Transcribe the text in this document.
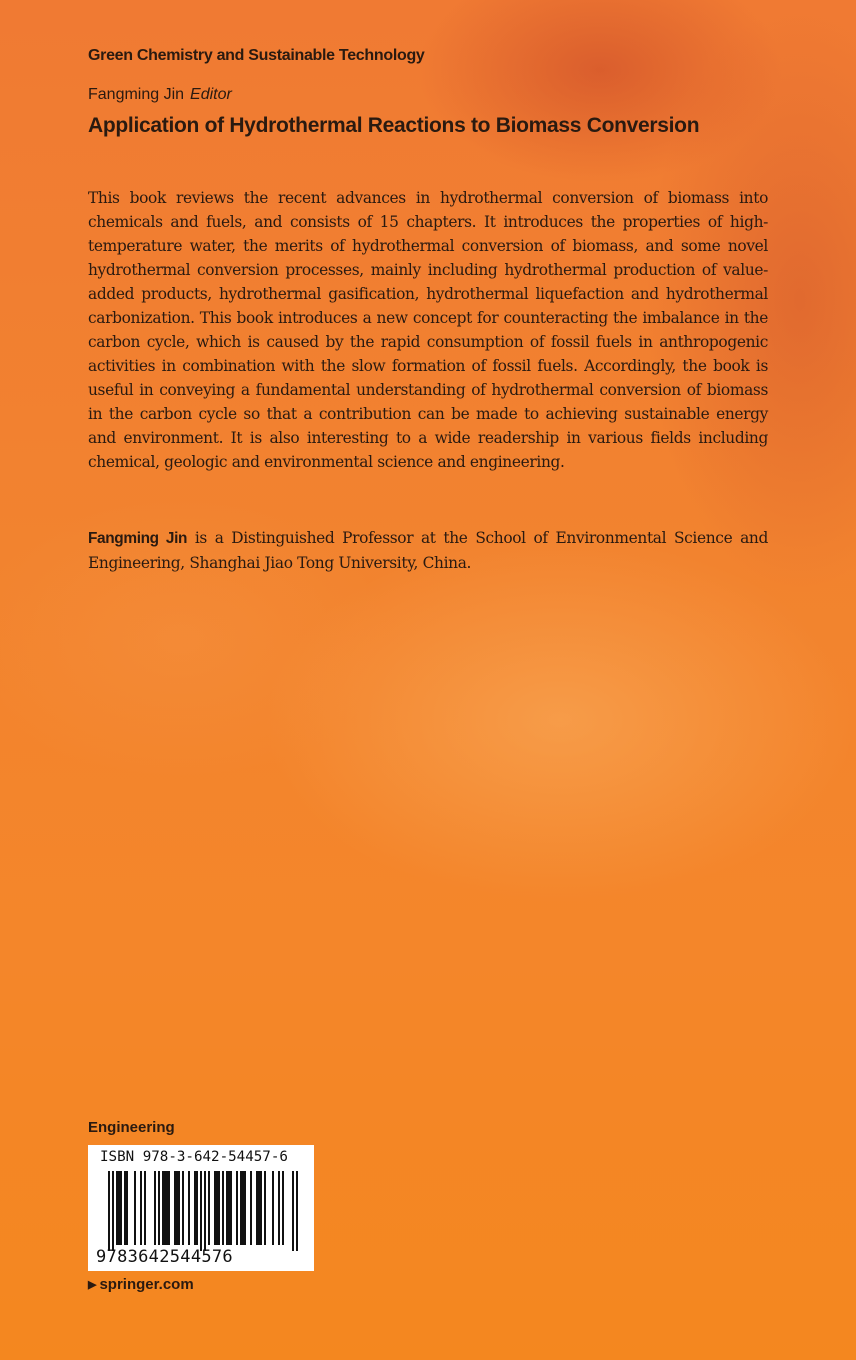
Green Chemistry and Sustainable Technology
Fangming Jin Editor
Application of Hydrothermal Reactions to Biomass Conversion

This book reviews the recent advances in hydrothermal conversion of biomass into chemicals and fuels, and consists of 15 chapters. It introduces the properties of high-temperature water, the merits of hydrothermal conversion of biomass, and some novel hydrothermal conversion processes, mainly including hydrothermal production of value-added products, hydrothermal gasification, hydrothermal liquefaction and hydrothermal carbonization. This book introduces a new concept for counteracting the imbalance in the carbon cycle, which is caused by the rapid consumption of fossil fuels in anthropogenic activities in combination with the slow formation of fossil fuels. Accordingly, the book is useful in conveying a fundamental understanding of hydrothermal conversion of biomass in the carbon cycle so that a contribution can be made to achieving sustainable energy and environment. It is also interesting to a wide readership in various fields including chemical, geologic and environmental science and engineering.

Fangming Jin is a Distinguished Professor at the School of Environmental Science and Engineering, Shanghai Jiao Tong University, China.

Engineering
ISBN 978-3-642-54457-6
9783642544576
▶ springer.com
